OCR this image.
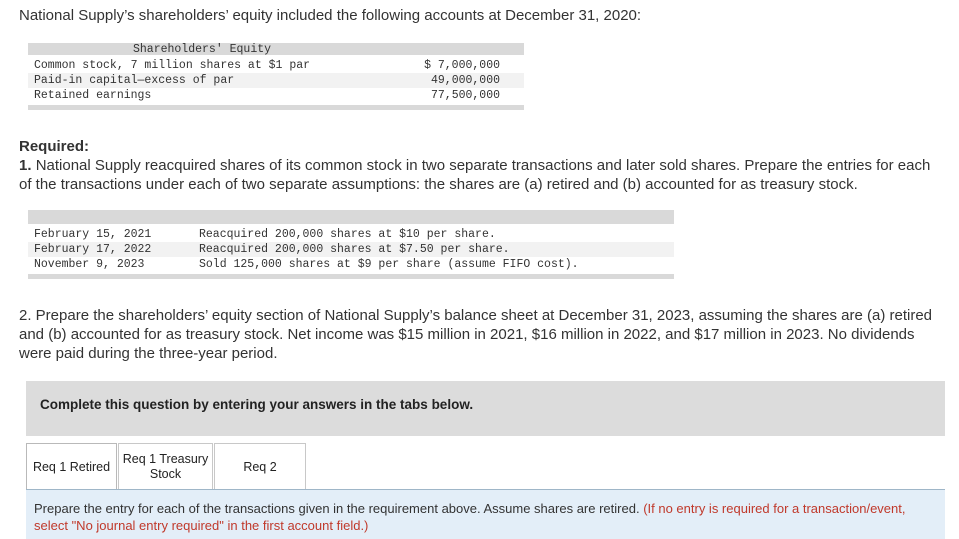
National Supply’s shareholders’ equity included the following accounts at December 31, 2020:

Shareholders' Equity
Common stock, 7 million shares at $1 par	$ 7,000,000
Paid-in capital—excess of par	49,000,000
Retained earnings	77,500,000

Required:

1. National Supply reacquired shares of its common stock in two separate transactions and later sold shares. Prepare the entries for each of the transactions under each of two separate assumptions: the shares are (a) retired and (b) accounted for as treasury stock.

February 15, 2021	Reacquired 200,000 shares at $10 per share.
February 17, 2022	Reacquired 200,000 shares at $7.50 per share.
November 9, 2023	Sold 125,000 shares at $9 per share (assume FIFO cost).

2. Prepare the shareholders’ equity section of National Supply’s balance sheet at December 31, 2023, assuming the shares are (a) retired and (b) accounted for as treasury stock. Net income was $15 million in 2021, $16 million in 2022, and $17 million in 2023. No dividends were paid during the three-year period.

Complete this question by entering your answers in the tabs below.
Req 1 Retired
Req 1 Treasury
Stock
Req 2
Prepare the entry for each of the transactions given in the requirement above. Assume shares are retired. (If no entry is required for a transaction/event, select "No journal entry required" in the first account field.)
